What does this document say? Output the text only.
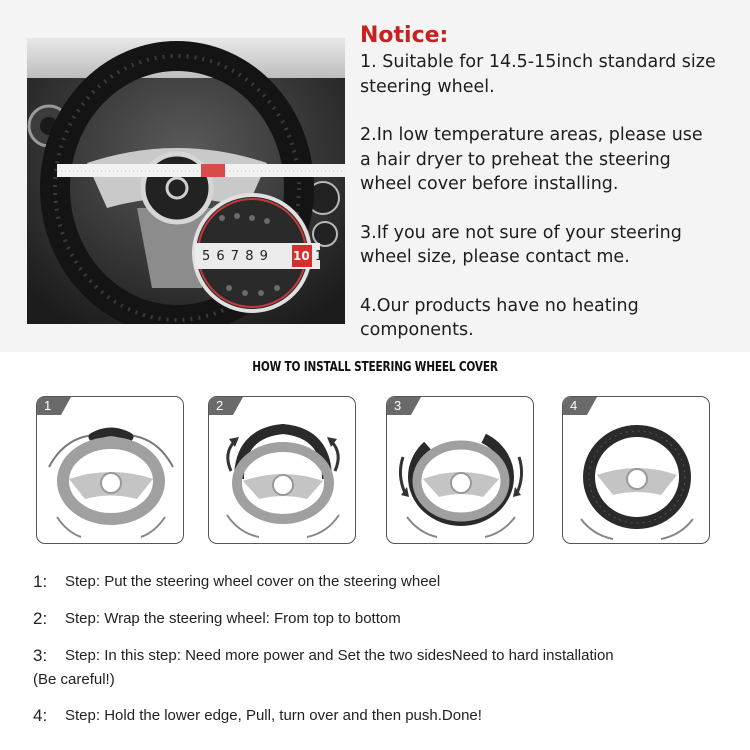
5 6 7 8 9 10 1
Notice:
1. Suitable for 14.5-15inch standard size
steering wheel.
2.In low temperature areas, please use
a hair dryer to preheat the steering
wheel cover before installing.
3.If you are not sure of your steering
wheel size, please contact me.
4.Our products have no heating
components.
HOW TO INSTALL STEERING WHEEL COVER
1	2	3	4
1: Step: Put the steering wheel cover on the steering wheel
2: Step: Wrap the steering wheel: From top to bottom
3: Step: In this step: Need more power and Set the two sidesNeed to hard installation
(Be careful!)
4: Step: Hold the lower edge, Pull, turn over and then push.Done!
